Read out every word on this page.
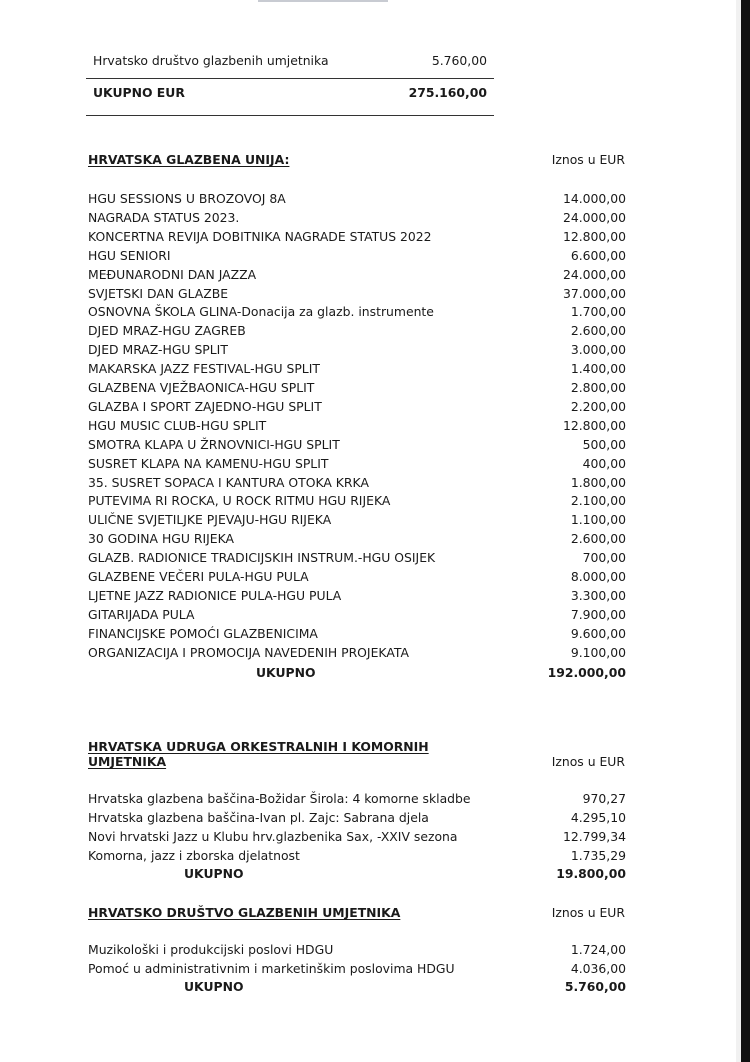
Hrvatsko društvo glazbenih umjetnika	5.760,00
UKUPNO EUR	275.160,00
HRVATSKA GLAZBENA UNIJA:	Iznos u EUR
HGU SESSIONS U BROZOVOJ 8A	14.000,00
NAGRADA STATUS 2023.	24.000,00
KONCERTNA REVIJA DOBITNIKA NAGRADE STATUS 2022	12.800,00
HGU SENIORI	6.600,00
MEĐUNARODNI DAN JAZZA	24.000,00
SVJETSKI DAN GLAZBE	37.000,00
OSNOVNA ŠKOLA GLINA-Donacija za glazb. instrumente	1.700,00
DJED MRAZ-HGU ZAGREB	2.600,00
DJED MRAZ-HGU SPLIT	3.000,00
MAKARSKA JAZZ FESTIVAL-HGU SPLIT	1.400,00
GLAZBENA VJEŽBAONICA-HGU SPLIT	2.800,00
GLAZBA I SPORT ZAJEDNO-HGU SPLIT	2.200,00
HGU MUSIC CLUB-HGU SPLIT	12.800,00
SMOTRA KLAPA U ŽRNOVNICI-HGU SPLIT	500,00
SUSRET KLAPA NA KAMENU-HGU SPLIT	400,00
35. SUSRET SOPACA I KANTURA OTOKA KRKA	1.800,00
PUTEVIMA RI ROCKA, U ROCK RITMU HGU RIJEKA	2.100,00
ULIČNE SVJETILJKE PJEVAJU-HGU RIJEKA	1.100,00
30 GODINA HGU RIJEKA	2.600,00
GLAZB. RADIONICE TRADICIJSKIH INSTRUM.-HGU OSIJEK	700,00
GLAZBENE VEČERI PULA-HGU PULA	8.000,00
LJETNE JAZZ RADIONICE PULA-HGU PULA	3.300,00
GITARIJADA PULA	7.900,00
FINANCIJSKE POMOĆI GLAZBENICIMA	9.600,00
ORGANIZACIJA I PROMOCIJA NAVEDENIH PROJEKATA	9.100,00
UKUPNO	192.000,00
HRVATSKA UDRUGA ORKESTRALNIH I KOMORNIH
UMJETNIKA	Iznos u EUR
Hrvatska glazbena baščina-Božidar Širola: 4 komorne skladbe	970,27
Hrvatska glazbena baščina-Ivan pl. Zajc: Sabrana djela	4.295,10
Novi hrvatski Jazz u Klubu hrv.glazbenika Sax, -XXIV sezona	12.799,34
Komorna, jazz i zborska djelatnost	1.735,29
UKUPNO	19.800,00
HRVATSKO DRUŠTVO GLAZBENIH UMJETNIKA	Iznos u EUR
Muzikološki i produkcijski poslovi HDGU	1.724,00
Pomoć u administrativnim i marketinškim poslovima HDGU	4.036,00
UKUPNO	5.760,00
